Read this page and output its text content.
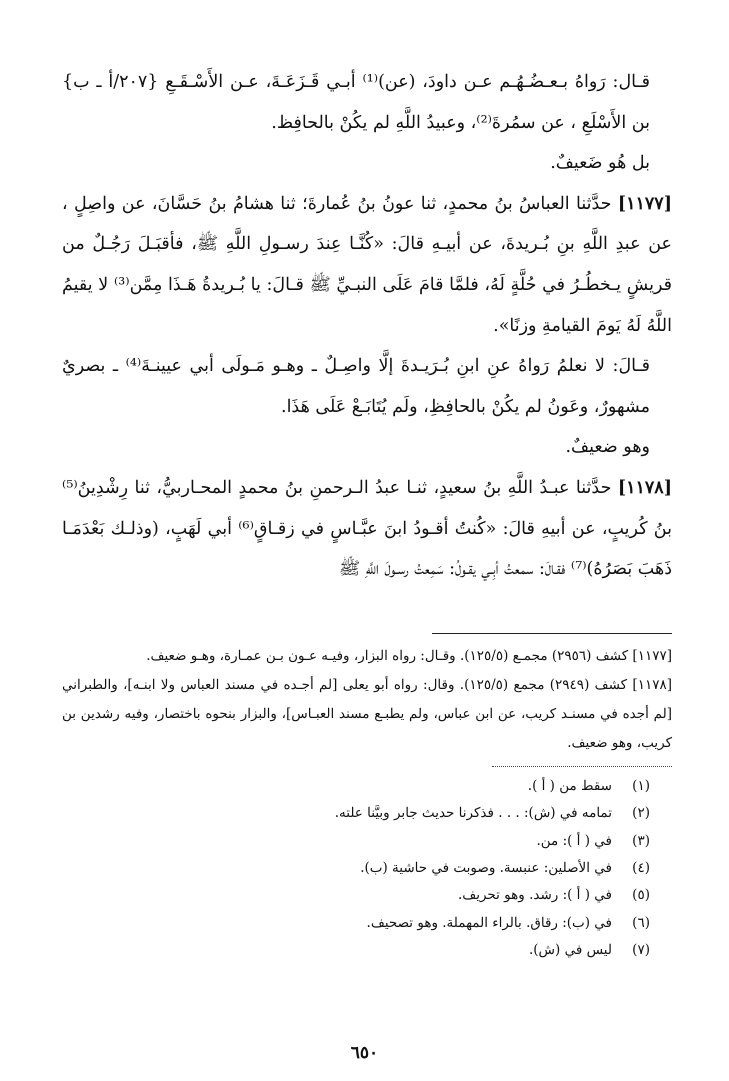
قـال: رَواهُ بـعـضُـهُـم عـن داودَ، (عن)⁽¹⁾ أبـي قَـزَعَـةَ، عـن الأَسْـقَـعِ {٢٠٧/أ ـ ب} بن الأَسْلَعِ ، عن سمُرةَ⁽²⁾، وعبيدُ اللَّهِ لم يكُنْ بالحافِظ.

بل هُو ضَعيفٌ.

[١١٧٧] حدَّثنا العباسُ بنُ محمدٍ، ثنا عونُ بنُ عُمارةَ؛ ثنا هشامُ بنُ حَسَّانَ، عن واصِلٍ ، عن عبدِ اللَّهِ بنِ بُـريدةَ، عن أبيـهِ قالَ: «كُنَّـا عِندَ رسـولِ اللَّهِ ﷺ، فأقبَـلَ رَجُـلٌ من قريشٍ يـخطُـرُ في حُلَّةٍ لَهُ، فلمَّا قامَ عَلَى النبـيِّ ﷺ قـالَ: يا بُـريدةُ هَـذَا مِمَّن⁽³⁾ لا يقيمُ اللَّهُ لَهُ يَومَ القيامةِ وزنًا».

قـالَ: لا نعلمُ رَواهُ عنِ ابنِ بُـرَيـدةَ إلَّا واصِـلٌ ـ وهـو مَـولَى أبي عيينـةَ⁽⁴⁾ ـ بصريٌ مشهورٌ، وعَونُ لم يكُنْ بالحافِظِ، ولَم يُتَابَـعْ عَلَى هَذَا.

وهو ضعيفٌ.

[١١٧٨] حدَّثنا عبـدُ اللَّهِ بنُ سعيدٍ، ثنـا عبدُ الـرحمنِ بنُ محمدٍ المحـاربيُّ، ثنا رِشْدِينُ⁽⁵⁾ بنُ كُريبٍ، عن أبيهِ قالَ: «كُنتُ أقـودُ ابنَ عبَّـاسٍ في زقـاقٍ⁽⁶⁾ أبي لَهَبٍ، (وذلـك بَعْدَمَـا ذَهَبَ بَصَرُهُ)⁽⁷⁾ فقـالَ: سمعتُ أبِـي يقـولُ: سَمِعتُ رسـولَ اللَّهِ ﷺ

[١١٧٧] كشف (٢٩٥٦) مجمـع (١٢٥/٥). وقـال: رواه البزار، وفيـه عـون بـن عمـارة، وهـو ضعيف.

[١١٧٨] كشف (٢٩٤٩) مجمع (١٢٥/٥). وقال: رواه أبو يعلى [لم أجـده في مسند العباس ولا ابنـه]، والطبراني [لم أجده في مسنـد كريب، عن ابن عباس، ولم يطبـع مسند العبـاس]، والبزار بنحوه باختصار، وفيه رشدين بن كريب، وهو ضعيف.

(١)
سقط من ( أ ).
(٢)
تمامه في (ش): . . . فذكرنا حديث جابر وبيَّنا علته.
(٣)
في ( أ ): من.
(٤)
في الأصلين: عنبسة. وصوبت في حاشية (ب).
(٥)
في ( أ ): رشد. وهو تحريف.
(٦)
في (ب): رقاق. بالراء المهملة. وهو تصحيف.
(٧)
ليس في (ش).
٦٥٠
